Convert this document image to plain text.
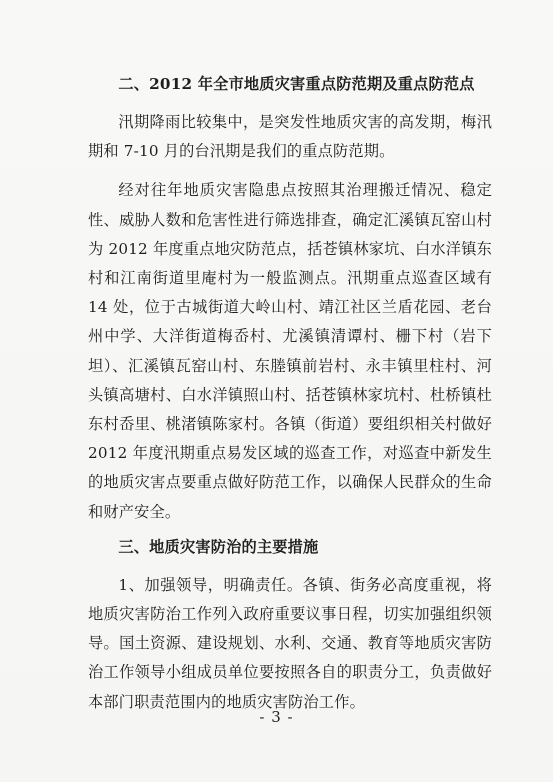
二、2012 年全市地质灾害重点防范期及重点防范点

汛期降雨比较集中，是突发性地质灾害的高发期，梅汛期和 7-10 月的台汛期是我们的重点防范期。

经对往年地质灾害隐患点按照其治理搬迁情况、稳定性、威胁人数和危害性进行筛选排查，确定汇溪镇瓦窑山村为 2012 年度重点地灾防范点，括苍镇林家坑、白水洋镇东村和江南街道里庵村为一般监测点。汛期重点巡查区域有 14 处，位于古城街道大岭山村、靖江社区兰盾花园、老台州中学、大洋街道梅岙村、尤溪镇清谭村、栅下村（岩下坦）、汇溪镇瓦窑山村、东塍镇前岩村、永丰镇里柱村、河头镇高塘村、白水洋镇照山村、括苍镇林家坑村、杜桥镇杜东村岙里、桃渚镇陈家村。各镇（街道）要组织相关村做好 2012 年度汛期重点易发区域的巡查工作，对巡查中新发生的地质灾害点要重点做好防范工作，以确保人民群众的生命和财产安全。

三、地质灾害防治的主要措施

1、加强领导，明确责任。各镇、街务必高度重视，将地质灾害防治工作列入政府重要议事日程，切实加强组织领导。国土资源、建设规划、水利、交通、教育等地质灾害防治工作领导小组成员单位要按照各自的职责分工，负责做好本部门职责范围内的地质灾害防治工作。

- 3 -
